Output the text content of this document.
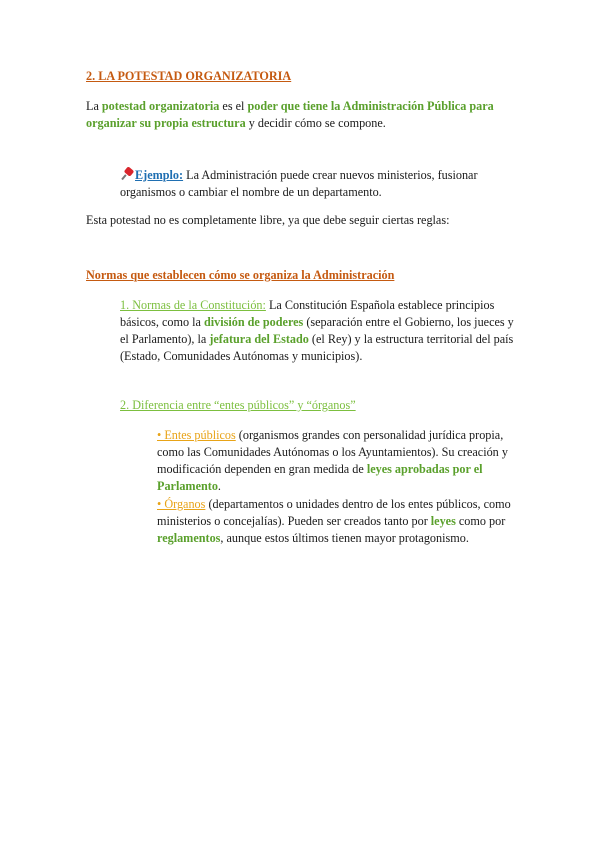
2. LA POTESTAD ORGANIZATORIA
La potestad organizatoria es el poder que tiene la Administración Pública para organizar su propia estructura y decidir cómo se compone.
Ejemplo: La Administración puede crear nuevos ministerios, fusionar organismos o cambiar el nombre de un departamento.
Esta potestad no es completamente libre, ya que debe seguir ciertas reglas:
Normas que establecen cómo se organiza la Administración
1. Normas de la Constitución: La Constitución Española establece principios básicos, como la división de poderes (separación entre el Gobierno, los jueces y el Parlamento), la jefatura del Estado (el Rey) y la estructura territorial del país (Estado, Comunidades Autónomas y municipios).
2. Diferencia entre “entes públicos” y “órganos”
• Entes públicos (organismos grandes con personalidad jurídica propia, como las Comunidades Autónomas o los Ayuntamientos). Su creación y modificación dependen en gran medida de leyes aprobadas por el Parlamento.
• Órganos (departamentos o unidades dentro de los entes públicos, como ministerios o concejalías). Pueden ser creados tanto por leyes como por reglamentos, aunque estos últimos tienen mayor protagonismo.
